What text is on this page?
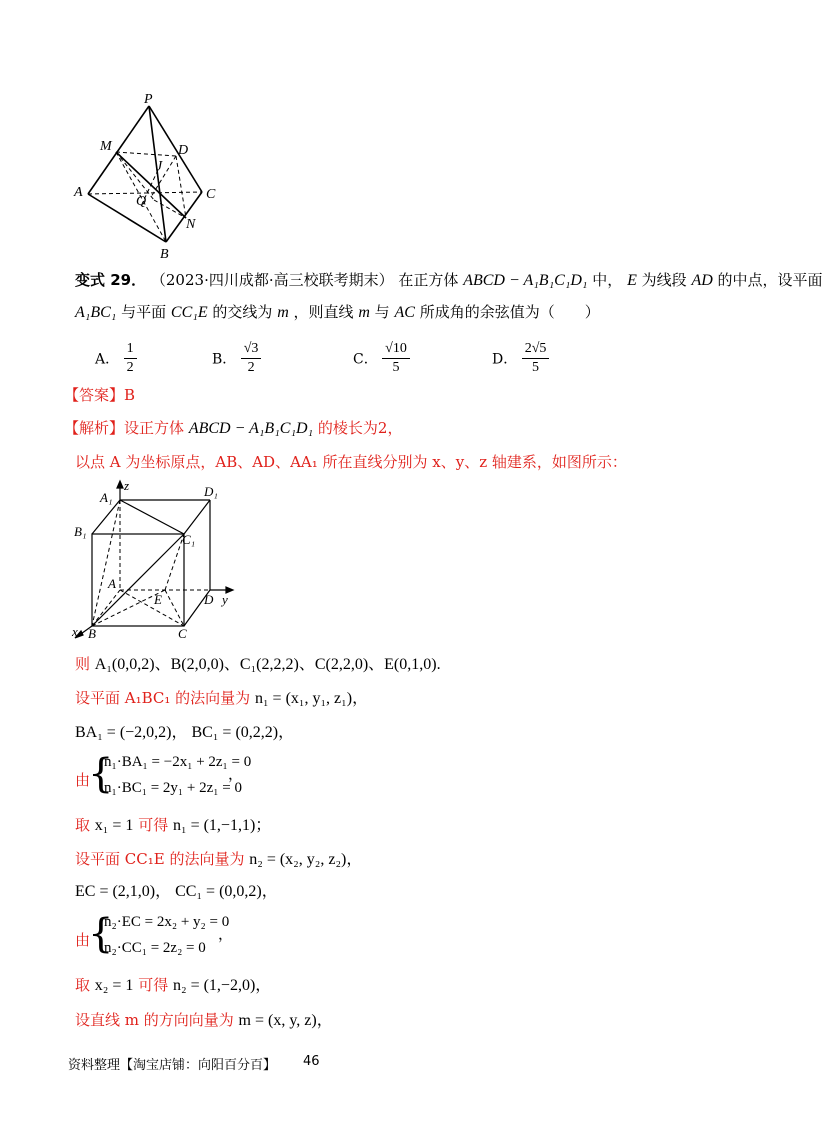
P
M	D
J
A
Q	C
N
B
变式 29． （2023·四川成都·高三校联考期末） 在正方体 ABCD − A₁B₁C₁D₁ 中， E 为线段 AD 的中点，设平面
A₁BC₁ 与平面 CC₁E 的交线为 m ，则直线 m 与 AC 所成角的余弦值为（　　）
A． $\frac{1}{2}$	B． $\frac{√3}{2}$	C． $\frac{√10}{5}$	D． $\frac{2√5}{5}$
【答案】B
【解析】设正方体 ABCD − A₁B₁C₁D₁ 的棱长为2，
以点 A 为坐标原点，AB、AD、AA₁ 所在直线分别为 x、y、z 轴建系，如图所示：
z
A₁	D₁
B₁
C₁
A
E	D y
x B	C
则 A₁(0,0,2)、B(2,0,0)、C₁(2,2,2)、C(2,2,0)、E(0,1,0).
设平面 A₁BC₁ 的法向量为 n₁ = (x₁, y₁, z₁)，
BA₁ = (−2,0,2)， BC₁ = (0,2,2)，
由
{
n₁·BA₁ = −2x₁ + 2z₁ = 0
n₁·BC₁ = 2y₁ + 2z₁ = 0
，
取 x₁ = 1 可得 n₁ = (1,−1,1)；
设平面 CC₁E 的法向量为 n₂ = (x₂, y₂, z₂)，
EC = (2,1,0)， CC₁ = (0,0,2)，
由
{
n₂·EC = 2x₂ + y₂ = 0
n₂·CC₁ = 2z₂ = 0
，
取 x₂ = 1 可得 n₂ = (1,−2,0)，
设直线 m 的方向向量为 m = (x, y, z)，
资料整理【淘宝店铺：向阳百分百】 46
